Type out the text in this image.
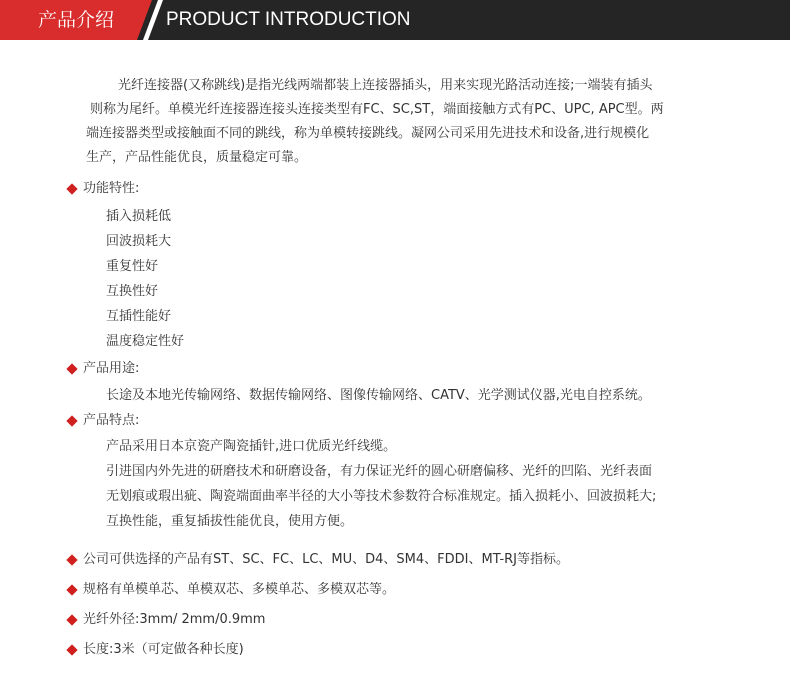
产品介绍	PRODUCT INTRODUCTION
光纤连接器(又称跳线)是指光线两端都装上连接器插头，用来实现光路活动连接;一端装有插头
则称为尾纤。单模光纤连接器连接头连接类型有FC、SC,ST，端面接触方式有PC、UPC, APC型。两
端连接器类型或接触面不同的跳线，称为单模转接跳线。凝网公司采用先进技术和设备,进行规模化
生产，产品性能优良，质量稳定可靠。
功能特性:
插入损耗低
回波损耗大
重复性好
互换性好
互插性能好
温度稳定性好
产品用途:
长途及本地光传输网络、数据传输网络、图像传输网络、CATV、光学测试仪器,光电自控系统。
产品特点:
产品采用日本京瓷产陶瓷插针,进口优质光纤线缆。
引进国内外先进的研磨技术和研磨设备，有力保证光纤的圆心研磨偏移、光纤的凹陷、光纤表面
无划痕或瑕出疵、陶瓷端面曲率半径的大小等技术参数符合标准规定。插入损耗小、回波损耗大;
互换性能，重复插拔性能优良，使用方便。
公司可供选择的产品有ST、SC、FC、LC、MU、D4、SM4、FDDI、MT-RJ等指标。
规格有单模单芯、单模双芯、多模单芯、多模双芯等。
光纤外径:3mm/ 2mm/0.9mm
长度:3米（可定做各种长度)
